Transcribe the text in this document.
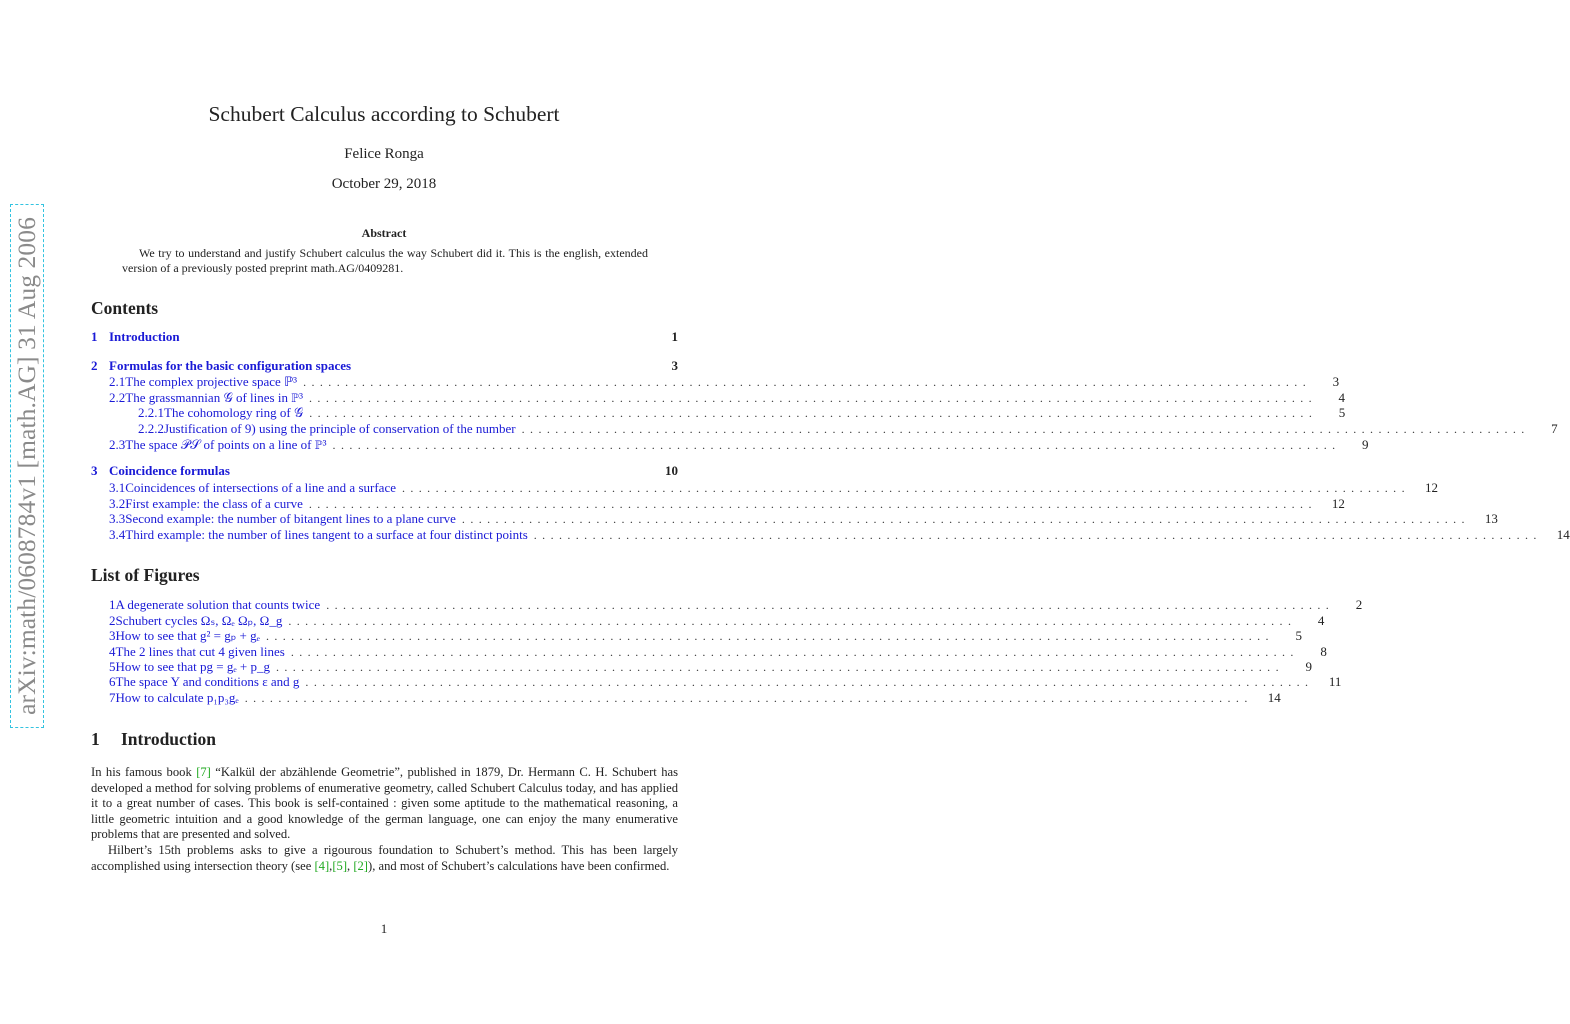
arXiv:math/0608784v1 [math.AG] 31 Aug 2006
Schubert Calculus according to Schubert
Felice Ronga
October 29, 2018
Abstract
We try to understand and justify Schubert calculus the way Schubert did it. This is the english, extended version of a previously posted preprint math.AG/0409281.
Contents
1 Introduction	1
2 Formulas for the basic configuration spaces	3
2.1 The complex projective space ℙ³ ........................................................................................................................	3
2.2 The grassmannian 𝒢 of lines in ℙ³ ........................................................................................................................	4
2.2.1 The cohomology ring of 𝒢 ........................................................................................................................	5
2.2.2 Justification of 9) using the principle of conservation of the number ........................................................................................................................	7
2.3 The space 𝒫𝒮 of points on a line of ℙ³ ........................................................................................................................	9
3 Coincidence formulas	10
3.1 Coincidences of intersections of a line and a surface ........................................................................................................................ 12
3.2 First example: the class of a curve ........................................................................................................................ 12
3.3 Second example: the number of bitangent lines to a plane curve ........................................................................................................................ 13
3.4 Third example: the number of lines tangent to a surface at four distinct points ........................................................................................................................ 14
List of Figures
1 A degenerate solution that counts twice ........................................................................................................................	2
2 Schubert cycles Ωₛ, Ωₑ Ωₚ, Ω_g ........................................................................................................................	4
3 How to see that g² = gₚ + gₑ ........................................................................................................................	5
4 The 2 lines that cut 4 given lines ........................................................................................................................	8
5 How to see that pg = gₑ + p_g ........................................................................................................................	9
6 The space Y and conditions ε and g ........................................................................................................................ 11
7 How to calculate p₁p₃gₑ ........................................................................................................................ 14
1 Introduction
In his famous book [7] “Kalkül der abzählende Geometrie”, published in 1879, Dr. Hermann C. H. Schubert has developed a method for solving problems of enumerative geometry, called Schubert Calculus today, and has applied it to a great number of cases. This book is self-contained : given some aptitude to the mathematical reasoning, a little geometric intuition and a good knowledge of the german language, one can enjoy the many enumerative problems that are presented and solved.
Hilbert’s 15th problems asks to give a rigourous foundation to Schubert’s method. This has been largely accomplished using intersection theory (see [4],[5], [2]), and most of Schubert’s calculations have been confirmed.
1
